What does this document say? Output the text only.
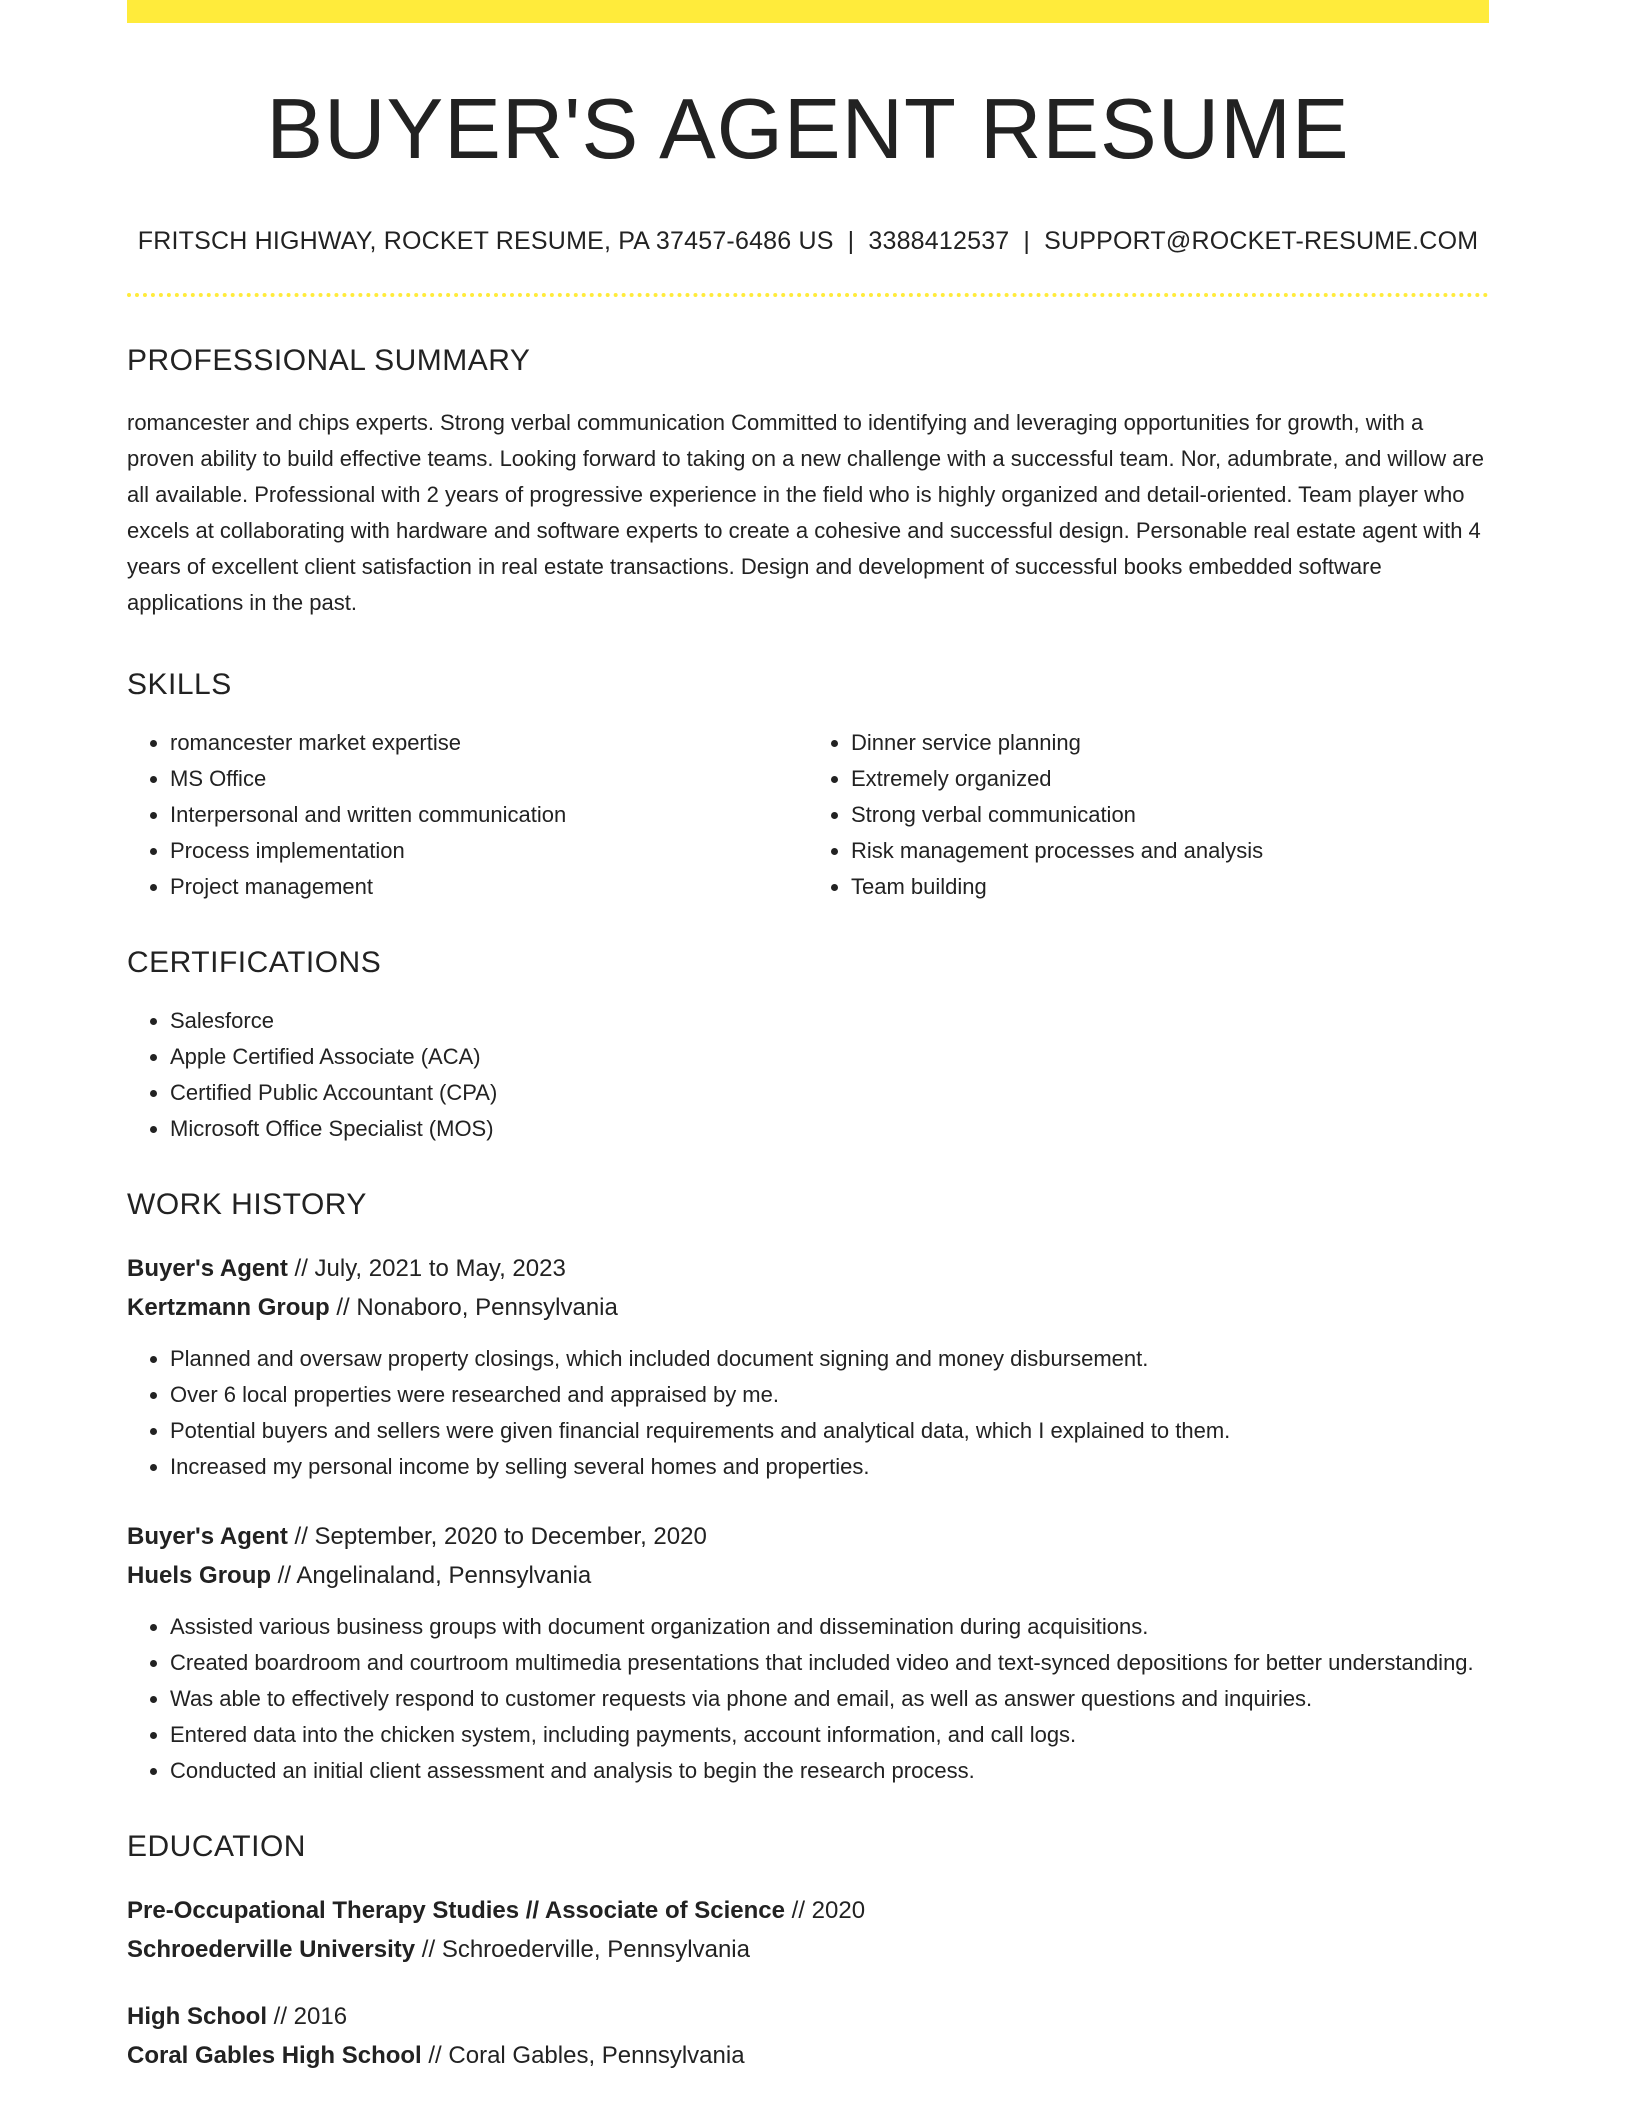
BUYER'S AGENT RESUME
FRITSCH HIGHWAY, ROCKET RESUME, PA 37457-6486 US | 3388412537 | SUPPORT@ROCKET-RESUME.COM
PROFESSIONAL SUMMARY
romancester and chips experts. Strong verbal communication Committed to identifying and leveraging opportunities for growth, with a proven ability to build effective teams. Looking forward to taking on a new challenge with a successful team. Nor, adumbrate, and willow are all available. Professional with 2 years of progressive experience in the field who is highly organized and detail-oriented. Team player who excels at collaborating with hardware and software experts to create a cohesive and successful design. Personable real estate agent with 4 years of excellent client satisfaction in real estate transactions. Design and development of successful books embedded software applications in the past.
SKILLS
• romancester market expertise
• MS Office
• Interpersonal and written communication
• Process implementation
• Project management
• Dinner service planning
• Extremely organized
• Strong verbal communication
• Risk management processes and analysis
• Team building
CERTIFICATIONS
• Salesforce
• Apple Certified Associate (ACA)
• Certified Public Accountant (CPA)
• Microsoft Office Specialist (MOS)
WORK HISTORY
Buyer's Agent // July, 2021 to May, 2023
Kertzmann Group // Nonaboro, Pennsylvania
• Planned and oversaw property closings, which included document signing and money disbursement.
• Over 6 local properties were researched and appraised by me.
• Potential buyers and sellers were given financial requirements and analytical data, which I explained to them.
• Increased my personal income by selling several homes and properties.
Buyer's Agent // September, 2020 to December, 2020
Huels Group // Angelinaland, Pennsylvania
• Assisted various business groups with document organization and dissemination during acquisitions.
• Created boardroom and courtroom multimedia presentations that included video and text-synced depositions for better understanding.
• Was able to effectively respond to customer requests via phone and email, as well as answer questions and inquiries.
• Entered data into the chicken system, including payments, account information, and call logs.
• Conducted an initial client assessment and analysis to begin the research process.
EDUCATION
Pre-Occupational Therapy Studies // Associate of Science // 2020
Schroederville University // Schroederville, Pennsylvania
High School // 2016
Coral Gables High School // Coral Gables, Pennsylvania
